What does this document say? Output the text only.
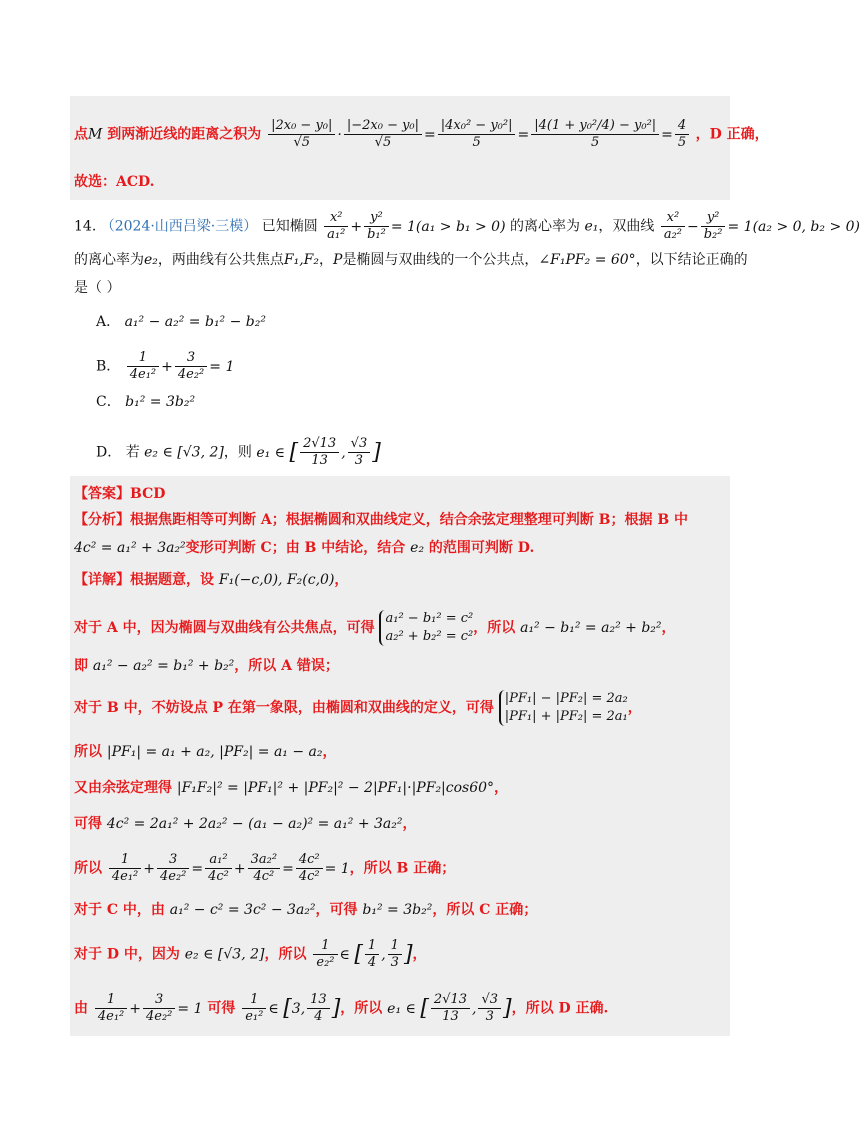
点M 到两渐近线的距离之积为 $\frac{\text{|2x₀ − y₀|}}{√5} \cdot \frac{\text{|−2x₀ − y₀|}}{√5} = \frac{\text{|4x₀² − y₀²|}}{5} = \frac{\text{|4(1 + y₀²/4) − y₀²|}}{5} = \frac{4}{5}$ ，D 正确，
故选：ACD.
14. （2024·山西吕梁·三模） 已知椭圆 $\frac{\text{x²}}{\text{a₁²}} + \frac{\text{y²}}{\text{b₁²}} = 1(a_1 > b_1 > 0)$ 的离心率为 e₁，双曲线 $\frac{\text{x²}}{\text{a₂²}} - \frac{\text{y²}}{\text{b₂²}} = 1(a_2 > 0$, b₂ > 0)
的离心率为e₂，两曲线有公共焦点F₁,F₂，P是椭圆与双曲线的一个公共点，∠F₁PF₂ = 60°，以下结论正确的
是（ ）
A． a₁² − a₂² = b₁² − b₂²
B． $\frac{1}{\text{4e₁²}} + \frac{3}{\text{4e₂²}} = 1$
C． b₁² = 3b₂²
D． 若 e₂ ∈ [√3, 2]，则 e₁ ∈ [ $\frac{2√13}{13}$ , $\frac{√3}{3}$ ]
【答案】BCD
【分析】根据焦距相等可判断 A；根据椭圆和双曲线定义，结合余弦定理整理可判断 B；根据 B 中
4c² = a₁² + 3a₂²变形可判断 C；由 B 中结论，结合 e₂ 的范围可判断 D.
【详解】根据题意，设 F₁(−c,0), F₂(c,0)，
对于 A 中，因为椭圆与双曲线有公共焦点，可得
a₁² − b₁² = c²
a₂² + b₂² = c²
，所以 a₁² − b₁² = a₂² + b₂²，
即 a₁² − a₂² = b₁² + b₂²，所以 A 错误；
对于 B 中，不妨设点 P 在第一象限，由椭圆和双曲线的定义，可得
|PF₁| − |PF₂| = 2a₂
|PF₁| + |PF₂| = 2a₁
，
所以 |PF₁| = a₁ + a₂, |PF₂| = a₁ − a₂，
又由余弦定理得 |F₁F₂|² = |PF₁|² + |PF₂|² − 2|PF₁|·|PF₂|cos60°，
可得 4c² = 2a₁² + 2a₂² − (a₁ − a₂)² = a₁² + 3a₂²，
所以 $\frac{1}{\text{4e₁²}} + \frac{3}{\text{4e₂²}} = \frac{\text{a₁²}}{\text{4c²}} + \frac{\text{3a₂²}}{\text{4c²}} = \frac{\text{4c²}}{\text{4c²}} = 1$，所以 B 正确；
对于 C 中，由 a₁² − c² = 3c² − 3a₂²，可得 b₁² = 3b₂²，所以 C 正确；
对于 D 中，因为 e₂ ∈ [√3, 2]，所以 $\frac{1}{\text{e₂²}}$ ∈ [ $\frac{1}{4}$ , $\frac{1}{3}$ ]，
由 $\frac{1}{\text{4e₁²}} + \frac{3}{\text{4e₂²}} = 1$ 可得 $\frac{1}{\text{e₁²}}$ ∈ [3, $\frac{13}{4}$ ]，所以 e₁ ∈ [ $\frac{2√13}{13}$ , $\frac{√3}{3}$ ]，所以 D 正确.
